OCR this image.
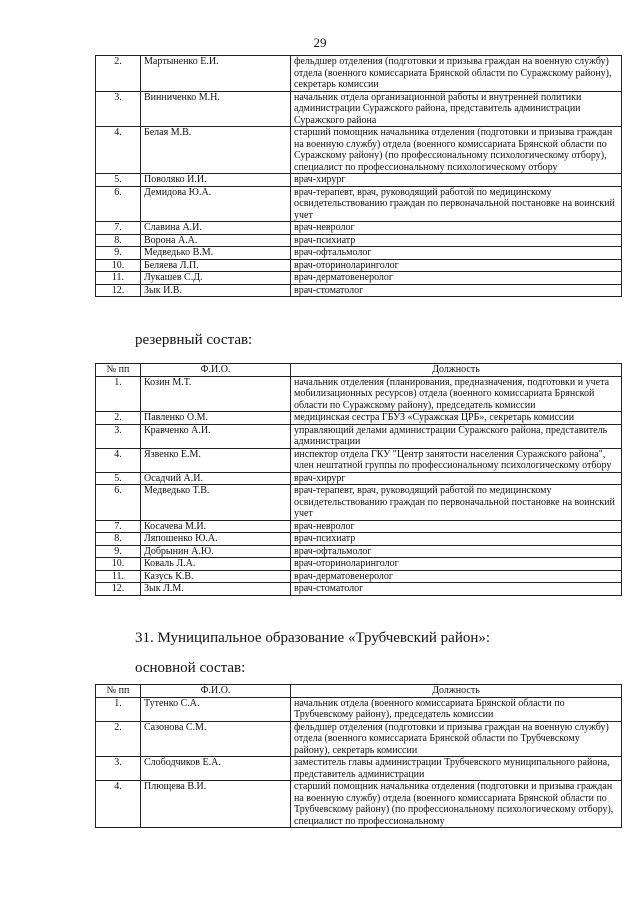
29
2.	Мартыненко Е.И.	фельдшер отделения (подготовки и призыва граждан на военную службу) отдела (военного комиссариата Брянской области по Суражскому району), секретарь комиссии
3.	Винниченко М.Н.	начальник отдела организационной работы и внутренней политики администрации Суражского района, представитель администрации Суражского района
4.	Белая М.В.	старший помощник начальника отделения (подготовки и призыва граждан на военную службу) отдела (военного комиссариата Брянской области по Суражскому району) (по профессиональному психологическому отбору), специалист по профессиональному психологическому отбору
5.	Поволяко И.И.	врач-хирург
6.	Демидова Ю.А.	врач-терапевт, врач, руководящий работой по медицинскому освидетельствованию граждан по первоначальной постановке на воинский учет
7.	Славина А.И.	врач-невролог
8.	Ворона А.А.	врач-психиатр
9.	Медведько В.М.	врач-офтальмолог
10.	Беляева Л.П.	врач-оториноларинголог
11.	Лукашев С.Д.	врач-дерматовенеролог
12.	Зык И.В.	врач-стоматолог
резервный состав:
№ пп	Ф.И.О.	Должность
1.	Козин М.Т.	начальник отделения (планирования, предназначения, подготовки и учета мобилизационных ресурсов) отдела (военного комиссариата Брянской области по Суражскому району), председатель комиссии
2.	Павленко О.М.	медицинская сестра ГБУЗ «Суражская ЦРБ», секретарь комиссии
3.	Кравченко А.И.	управляющий делами администрации Суражского района, представитель администрации
4.	Язвенко Е.М.	инспектор отдела ГКУ "Центр занятости населения Суражского района", член нештатной группы по профессиональному психологическому отбору
5.	Осадчий А.И.	врач-хирург
6.	Медведько Т.В.	врач-терапевт, врач, руководящий работой по медицинскому освидетельствованию граждан по первоначальной постановке на воинский учет
7.	Косачева М.И.	врач-невролог
8.	Ляпошенко Ю.А.	врач-психиатр
9.	Добрынин А.Ю.	врач-офтальмолог
10.	Коваль Л.А.	врач-оториноларинголог
11.	Казусь К.В.	врач-дерматовенеролог
12.	Зык Л.М.	врач-стоматолог
31. Муниципальное образование «Трубчевский район»:
основной состав:
№ пп	Ф.И.О.	Должность
1.	Тутенко С.А.	начальник отдела (военного комиссариата Брянской области по Трубчевскому району), председатель комиссии
2.	Сазонова С.М.	фельдшер отделения (подготовки и призыва граждан на военную службу) отдела (военного комиссариата Брянской области по Трубчевскому району), секретарь комиссии
3.	Слободчиков Е.А.	заместитель главы администрации Трубчевского муниципального района, представитель администрации
4.	Плющева В.И.	старший помощник начальника отделения (подготовки и призыва граждан на военную службу) отдела (военного комиссариата Брянской области по Трубчевскому району) (по профессиональному психологическому отбору), специалист по профессиональному
